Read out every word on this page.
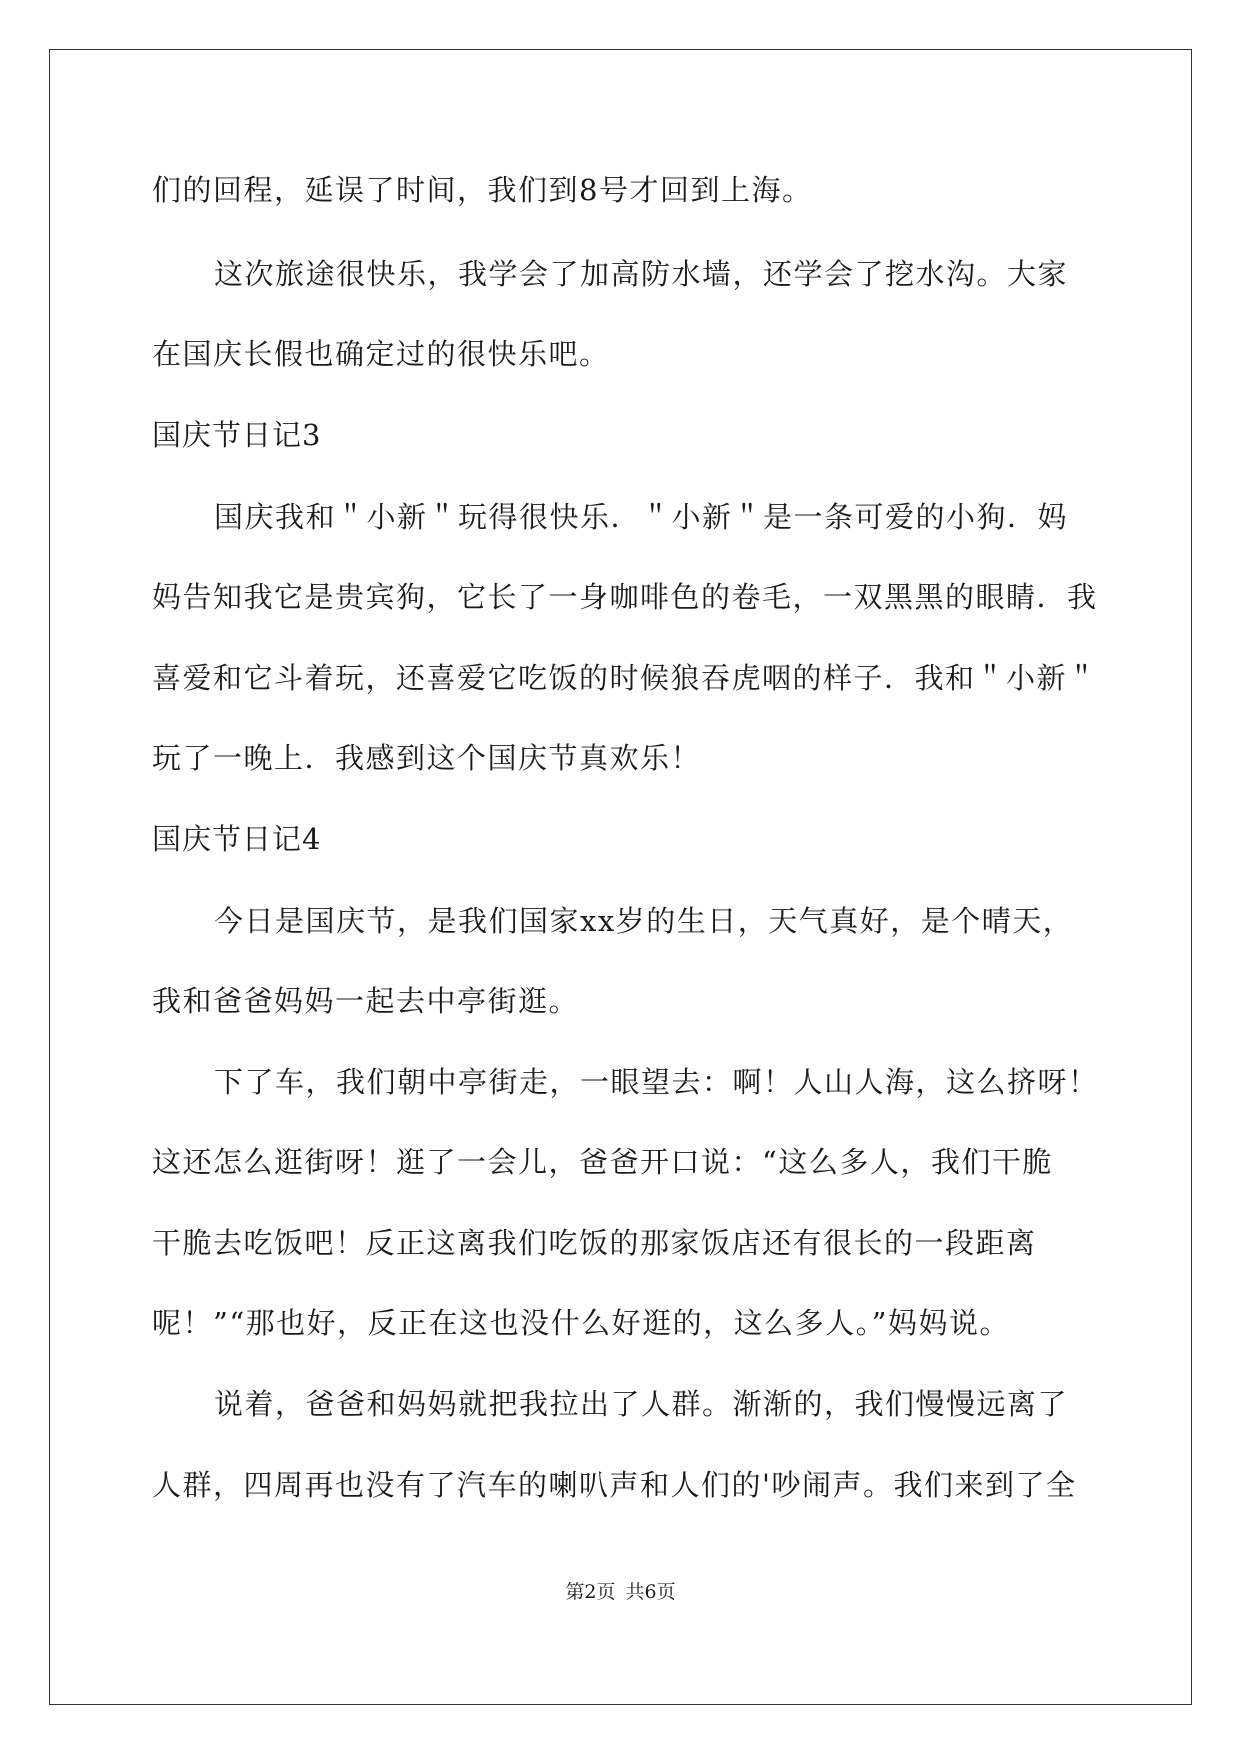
们的回程，延误了时间，我们到8号才回到上海。
这次旅途很快乐，我学会了加高防水墙，还学会了挖水沟。大家
在国庆长假也确定过的很快乐吧。
国庆节日记3
国庆我和＂小新＂玩得很快乐．＂小新＂是一条可爱的小狗．妈
妈告知我它是贵宾狗，它长了一身咖啡色的卷毛，一双黑黑的眼睛．我
喜爱和它斗着玩，还喜爱它吃饭的时候狼吞虎咽的样子．我和＂小新＂
玩了一晚上．我感到这个国庆节真欢乐！
国庆节日记4
今日是国庆节，是我们国家xx岁的生日，天气真好，是个晴天，
我和爸爸妈妈一起去中亭街逛。
下了车，我们朝中亭街走，一眼望去：啊！人山人海，这么挤呀！
这还怎么逛街呀！逛了一会儿，爸爸开口说：“这么多人，我们干脆
干脆去吃饭吧！反正这离我们吃饭的那家饭店还有很长的一段距离
呢！”“那也好，反正在这也没什么好逛的，这么多人。”妈妈说。
说着，爸爸和妈妈就把我拉出了人群。渐渐的，我们慢慢远离了
人群，四周再也没有了汽车的喇叭声和人们的'吵闹声。我们来到了全
第2页 共6页
